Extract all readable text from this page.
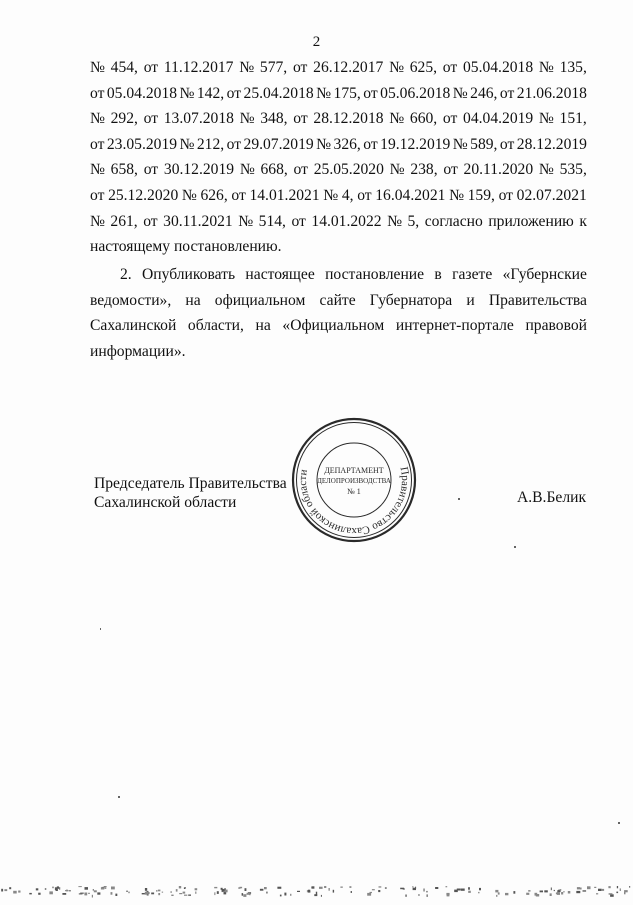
2
№ 454, от 11.12.2017 № 577, от 26.12.2017 № 625, от 05.04.2018 № 135,
от 05.04.2018 № 142, от 25.04.2018 № 175, от 05.06.2018 № 246, от 21.06.2018
№ 292, от 13.07.2018 № 348, от 28.12.2018 № 660, от 04.04.2019 № 151,
от 23.05.2019 № 212, от 29.07.2019 № 326, от 19.12.2019 № 589, от 28.12.2019
№ 658, от 30.12.2019 № 668, от 25.05.2020 № 238, от 20.11.2020 № 535,
от 25.12.2020 № 626, от 14.01.2021 № 4, от 16.04.2021 № 159, от 02.07.2021
№ 261, от 30.11.2021 № 514, от 14.01.2022 № 5, согласно приложению к
настоящему постановлению.
2. Опубликовать настоящее постановление в газете «Губернские
ведомости», на официальном сайте Губернатора и Правительства
Сахалинской области, на «Официальном интернет-портале правовой
информации».
Председатель Правительства
Сахалинской области
Правительство Сахалинской области	ДЕПАРТАМЕНТ
ДЕЛОПРОИЗВОДСТВА
№ 1	А.В.Белик
